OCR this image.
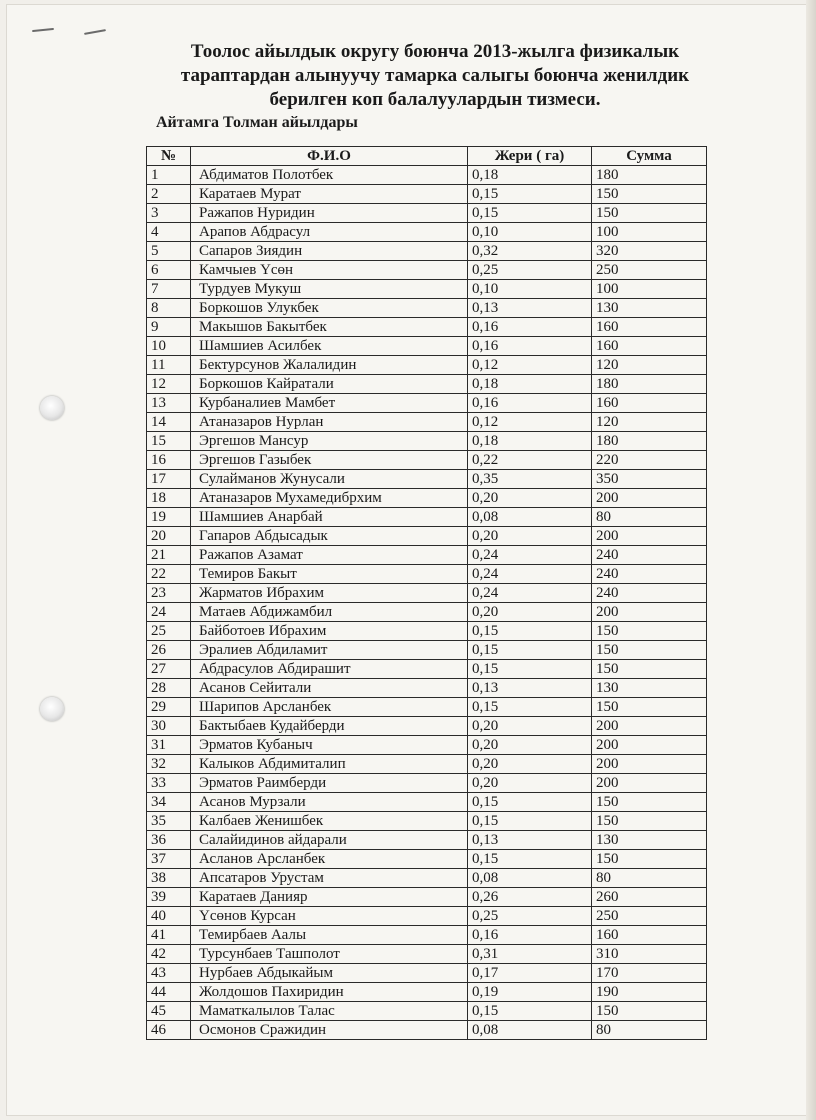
Тоолос айылдык округу боюнча 2013-жылга физикалык тараптардан алынуучу тамарка салыгы боюнча женилдик берилген коп балалуулардын тизмеси.
Айтамга Толман айылдары
№	Ф.И.О	Жери ( га)	Сумма
1	Абдиматов Полотбек	0,18	180
2	Каратаев Мурат	0,15	150
3	Ражапов Нуридин	0,15	150
4	Арапов Абдрасул	0,10	100
5	Сапаров Зиядин	0,32	320
6	Камчыев Үсөн	0,25	250
7	Турдуев Мукуш	0,10	100
8	Боркошов Улукбек	0,13	130
9	Макышов Бакытбек	0,16	160
10	Шамшиев Асилбек	0,16	160
11	Бектурсунов Жалалидин	0,12	120
12	Боркошов Кайратали	0,18	180
13	Курбаналиев Мамбет	0,16	160
14	Атаназаров Нурлан	0,12	120
15	Эргешов Мансур	0,18	180
16	Эргешов Газыбек	0,22	220
17	Сулайманов Жунусали	0,35	350
18	Атаназаров Мухамедибрхим	0,20	200
19	Шамшиев Анарбай	0,08	80
20	Гапаров Абдысадык	0,20	200
21	Ражапов Азамат	0,24	240
22	Темиров Бакыт	0,24	240
23	Жарматов Ибрахим	0,24	240
24	Матаев Абдижамбил	0,20	200
25	Байботоев Ибрахим	0,15	150
26	Эралиев Абдиламит	0,15	150
27	Абдрасулов Абдирашит	0,15	150
28	Асанов Сейитали	0,13	130
29	Шарипов Арсланбек	0,15	150
30	Бактыбаев Кудайберди	0,20	200
31	Эрматов Кубаныч	0,20	200
32	Калыков Абдимиталип	0,20	200
33	Эрматов Раимберди	0,20	200
34	Асанов Мурзали	0,15	150
35	Калбаев Женишбек	0,15	150
36	Салайидинов айдарали	0,13	130
37	Асланов Арсланбек	0,15	150
38	Апсатаров Урустам	0,08	80
39	Каратаев Данияр	0,26	260
40	Үсөнов Курсан	0,25	250
41	Темирбаев Аалы	0,16	160
42	Турсунбаев Ташполот	0,31	310
43	Нурбаев Абдыкайым	0,17	170
44	Жолдошов Пахиридин	0,19	190
45	Маматкалылов Талас	0,15	150
46	Осмонов Сражидин	0,08	80
